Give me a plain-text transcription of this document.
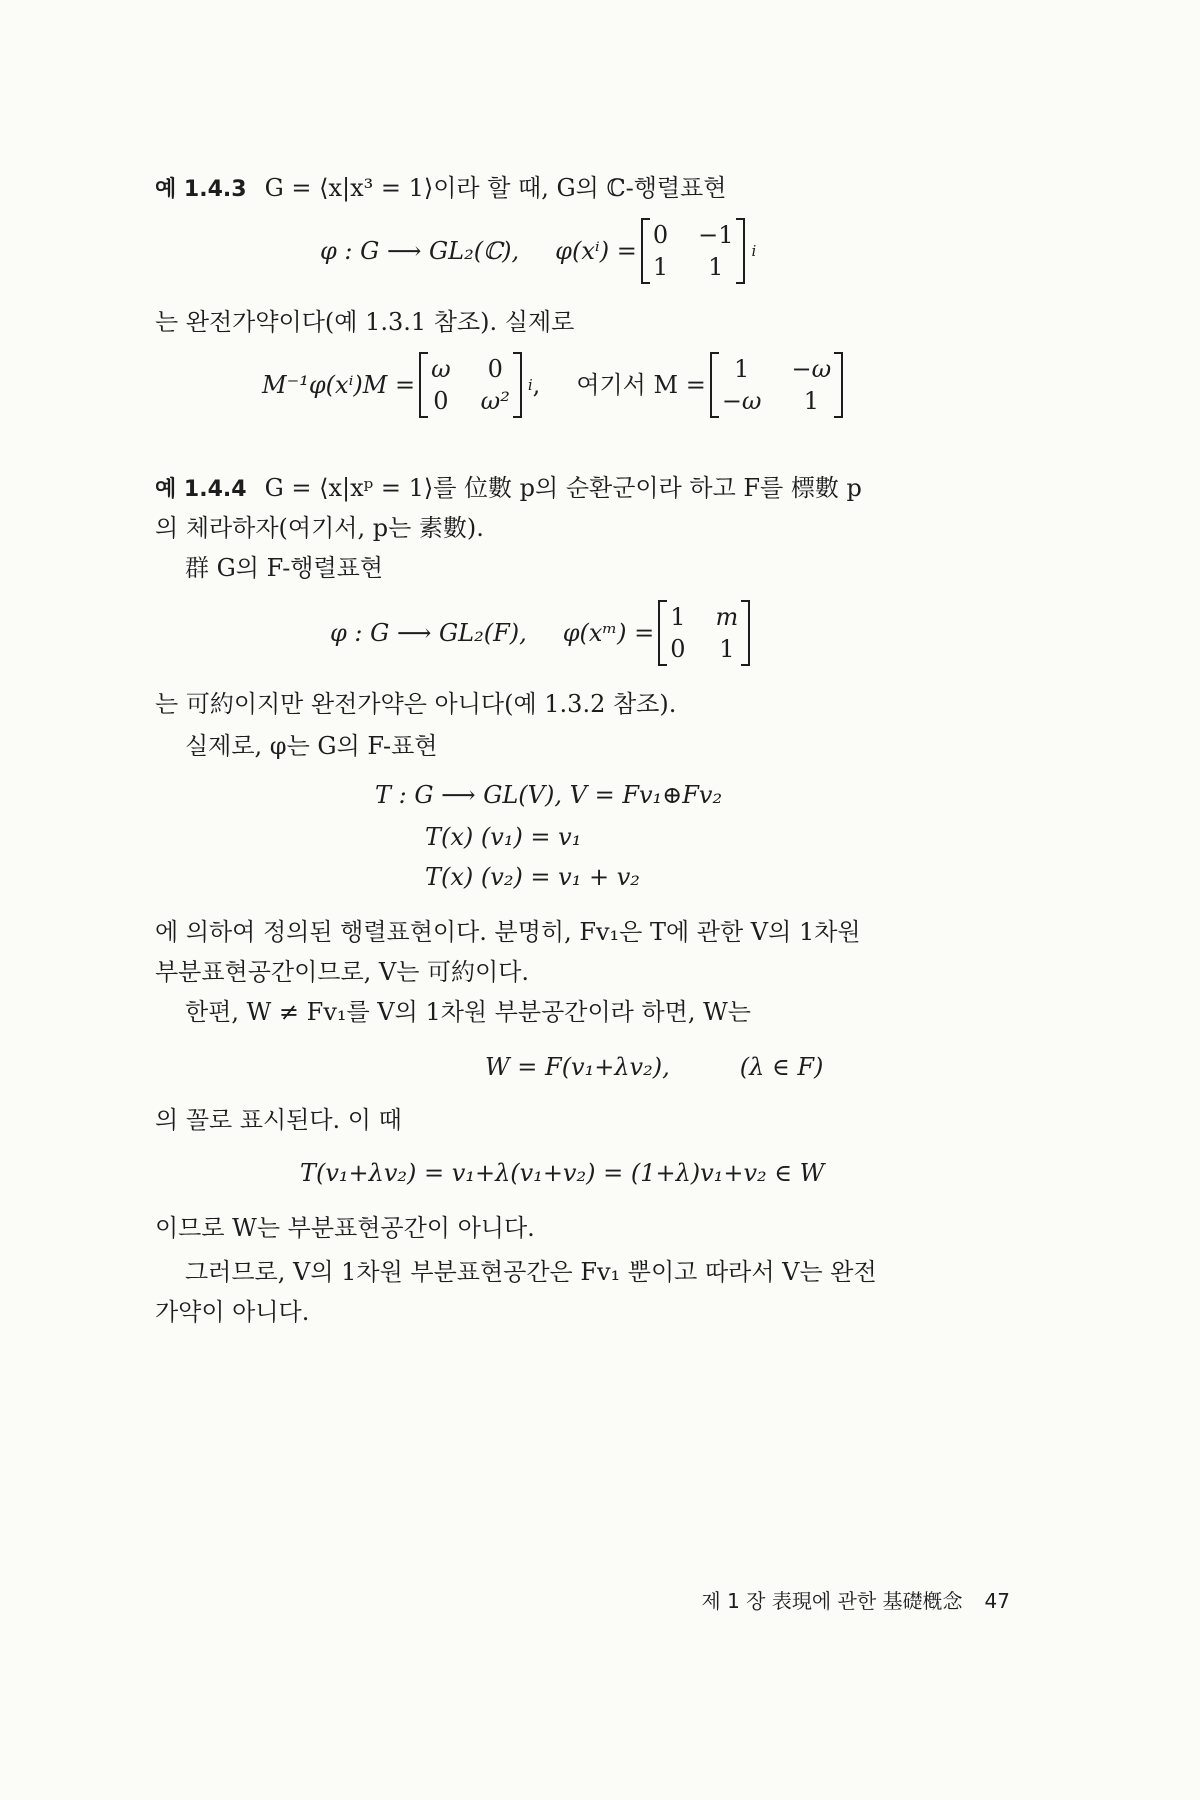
예 1.4.3 G = ⟨x|x³ = 1⟩이라 할 때, G의 ℂ-행렬표현
φ : G ⟶ GL₂(ℂ), φ(xⁱ) =
0 −1
1	1
i
는 완전가약이다(예 1.3.1 참조). 실제로
M⁻¹φ(xⁱ)M =
ω 0
0 ω²
i , 여기서 M =
1	−ω
−ω	1
예 1.4.4 G = ⟨x|xᵖ = 1⟩를 位數 p의 순환군이라 하고 F를 標數 p
의 체라하자(여기서, p는 素數).
群 G의 F-행렬표현
φ : G ⟶ GL₂(F), φ(xᵐ) =
1 m
0 1
는 可約이지만 완전가약은 아니다(예 1.3.2 참조).
실제로, φ는 G의 F-표현
T : G ⟶ GL(V), V = Fv₁⊕Fv₂
T(x) (v₁) = v₁
T(x) (v₂) = v₁ + v₂
에 의하여 정의된 행렬표현이다. 분명히, Fv₁은 T에 관한 V의 1차원
부분표현공간이므로, V는 可約이다.
한편, W ≠ Fv₁를 V의 1차원 부분공간이라 하면, W는
W = F(v₁+λv₂),	(λ ∈ F)
의 꼴로 표시된다. 이 때
T(v₁+λv₂) = v₁+λ(v₁+v₂) = (1+λ)v₁+v₂ ∈ W
이므로 W는 부분표현공간이 아니다.
그러므로, V의 1차원 부분표현공간은 Fv₁ 뿐이고 따라서 V는 완전
가약이 아니다.
제 1 장 表現에 관한 基礎槪念 47
